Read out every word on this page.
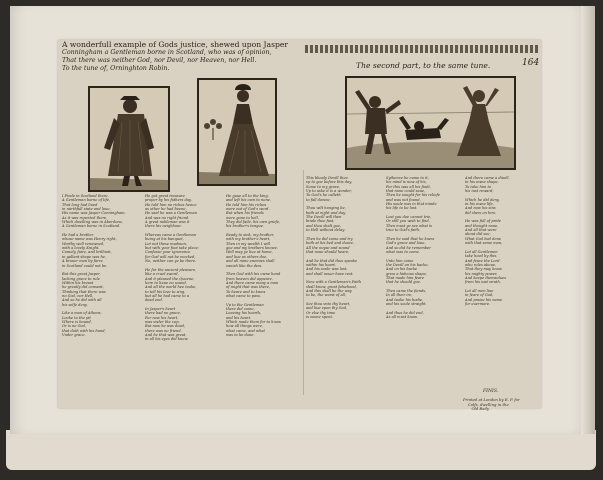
A wonderfull example of Gods justice, shewed upon Jasper
Conningham a Gentleman borne in Scotland, who was of opinion,
That there was neither God, nor Devil, nor Heaven, nor Hell.
To the tune of, Orninghton Robin.	The second part, to the same tune.	164
I Finde in Scotland there,
A Gentleman borne of life,
That long had liued
in mirthfull state and loue,
His name was Jasper Conningham,
As it was reported there,
Which dwelling was in Aberdone,
A Gentleman borne in Scotland.

He had a brother
whose name was Henry right,
Worthy well renowned,
with a lovely Knight.
Comely, faire, and brilliant,
in gallant shape was he,
A brauer man by farre
in Scotland could not be.

But this great Jasper,
lacking grace to rule
Within his breast
he greatly did consent,
Thinking that there was
no God, nor Hell,
And so he did with all
his selfe deny.

Like a man of Athens,
Looke to the pit
Where is bound,
Or is no God,
that doth with his hand,
Vnder grace.
He got great treasure
proper by his fathers day,
He told him no riches hence
as other he had beene,
He said he was a Gentleman
And was no right friend.
A great nobleman was it
there his neighbour.

Whereas came a Gentleman
liuing at his banquet,
Let not these madmen,
but with your foot take place:
Confesse your ignorance
for God will not be mocked,
No, neither can ye be there.

He for the ancient pleasure,
like a cruel sword,
And it pleased the Queene,
here to haue no sound.
And all the world hee tooke,
to tell his love to sing,
but all he had came to a
dead end.

In Jasper's heart
there had no grace,
For now his heart,
was vnder the cup,
But now he was dead,
there was no friend.
And he that was great,
in all his eyes did know.
He gaue all to the king,
and left his own to none,
He told him his riches
were not of God's word.
But when his friends
were gone to hell,
They did faile, his own griefe,
his brother's tongue.

Ready to sink, my brother,
with my brother's heart,
Then in my wealth I will
goe and my brothers knowe.
Well may ye liue at home,
and liue as others doe,
and all mine enemies shall
vanish like the dew.

Then God with his owne hand
from heaven did appeare,
And there came many a man
of might that was there,
To heare and to know
what came to pass.

Vp to the Gentleman
there did come,
Leaving his hearth,
and his heart.
Which made them for to know
how all things were,
what came, and what
was to be done.
This bloody Devill thee
vp to goe before this day,
Some to my grave,
Vp to aske it is a wonder,
To God's he calleth
to fall downe,

Thou wilt hanging be,
both at night and day,
The Devill will then
binde thee fast,
and thou shalt goe,
to Hell without delay.

Then he did come and try
both at his bed and doore,
All the noyse and sound
that none should heare,

And he that did thus speake
within his heart,
And his soule was lost,
and shall neuer have rest.

Now with a Gentleman's Faith
shall know, great falsehood,
And this shall be the way
to be, the worst of all,

See thou vnto thy heart,
and liue vpon thy God,
Or else thy time
is soone spent.
Sythence he came to it,
his mind is now of his,
For this was all his fault,
that none could saue,
Then he sought for his reliefe
and was not found,
His soule was in that minde
his life to be lost.

Lest you doe cannot trie,
Or still you wish to find,
Then must ye see what is
true to God's faith,

Then he said that he knew
God's grace and loue,
And so did he remember
what was to come.

Vnto him came
the Devill on his backe,
And on his backe
grew a hideous shape,
That made him feare
that he should goe.

Then came the fiends,
In all their ire,
And tooke his bodie,
and his soule straight.

And thus he did end,
As all must know.
And there came a diuell,
in his owne shape,
To take him to
his iust reward,

Which he did deny,
in his owne life,
And now his sins
did shew on him.

He was full of pride
and thought none,
And all that were
about did see,
What God had done
with that same man,

Let all Gentlemen
take heed by this,
And feare the Lord
who rules aboue,
That they may know
his mighty power,
And keepe themselues
from his iust wrath.

Let all men liue
in feare of God,
And praise his name
for euermore.
FINIS.
Printed at London by E. P. for
Colfs, dwelling in the
Old Baily.
